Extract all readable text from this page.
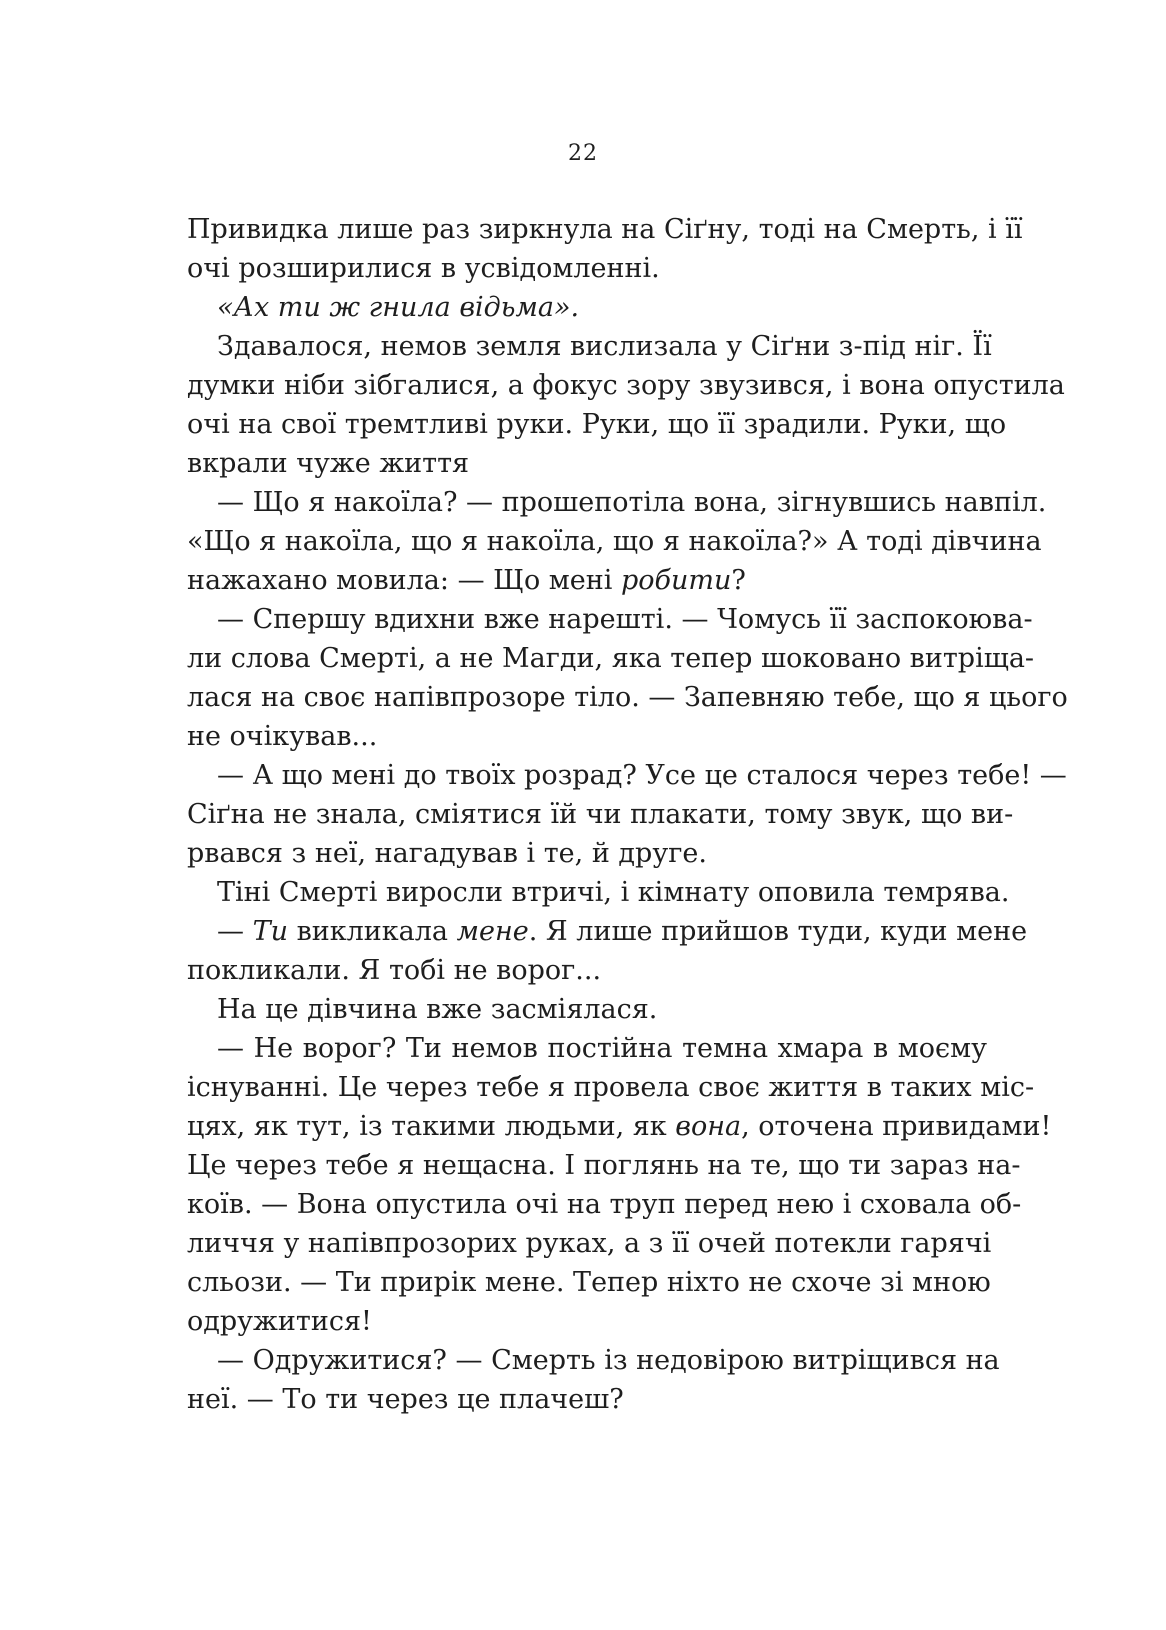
22
Привидка лише раз зиркнула на Сіґну, тоді на Смерть, і її
очі розширилися в усвідомленні.
«Ах ти ж гнила відьма».
Здавалося, немов земля вислизала у Сіґни з-під ніг. Її
думки ніби зібгалися, а фокус зору звузився, і вона опустила
очі на свої тремтливі руки. Руки, що її зрадили. Руки, що
вкрали чуже життя
— Що я накоїла? — прошепотіла вона, зігнувшись навпіл.
«Що я накоїла, що я накоїла, що я накоїла?» А тоді дівчина
нажахано мовила: — Що мені робити?
— Спершу вдихни вже нарешті. — Чомусь її заспокоюва-
ли слова Смерті, а не Магди, яка тепер шоковано витріща-
лася на своє напівпрозоре тіло. — Запевняю тебе, що я цього
не очікував...
— А що мені до твоїх розрад? Усе це сталося через тебе! —
Сіґна не знала, сміятися їй чи плакати, тому звук, що ви-
рвався з неї, нагадував і те, й друге.
Тіні Смерті виросли втричі, і кімнату оповила темрява.
— Ти викликала мене. Я лише прийшов туди, куди мене
покликали. Я тобі не ворог...
На це дівчина вже засміялася.
— Не ворог? Ти немов постійна темна хмара в моєму
існуванні. Це через тебе я провела своє життя в таких міс-
цях, як тут, із такими людьми, як вона, оточена привидами!
Це через тебе я нещасна. І поглянь на те, що ти зараз на-
коїв. — Вона опустила очі на труп перед нею і сховала об-
личчя у напівпрозорих руках, а з її очей потекли гарячі
сльози. — Ти прирік мене. Тепер ніхто не схоче зі мною
одружитися!
— Одружитися? — Смерть із недовірою витріщився на
неї. — То ти через це плачеш?
